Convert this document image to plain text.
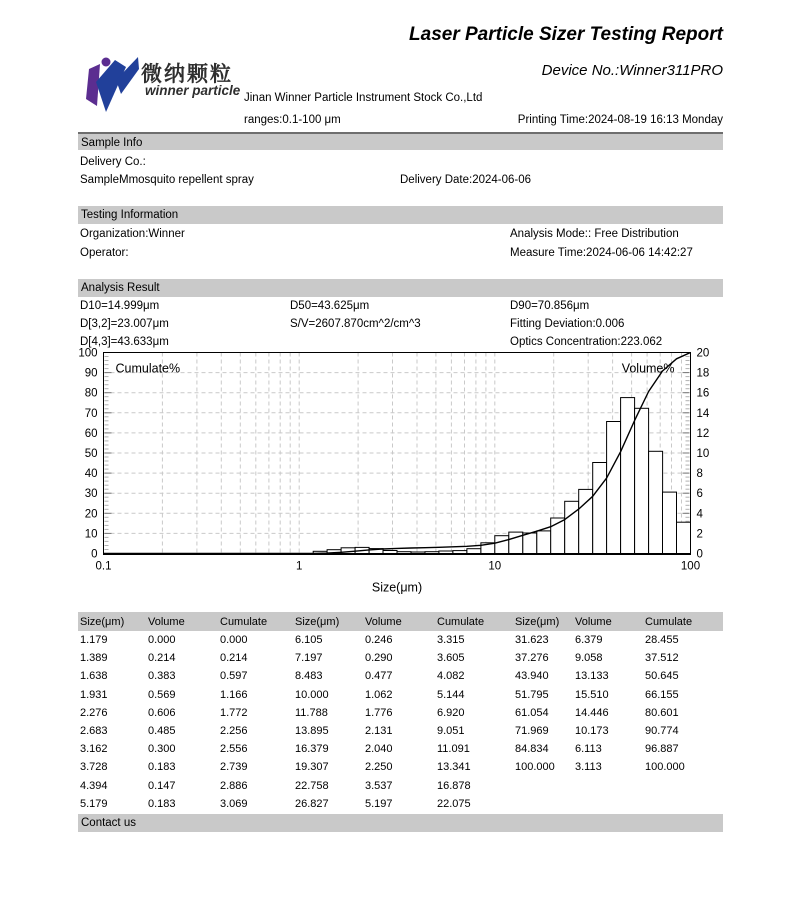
Laser Particle Sizer Testing Report
Device No.:Winner311PRO
微纳颗粒
winner particle Jinan Winner Particle Instrument Stock Co.,Ltd
ranges:0.1-100 μm	Printing Time:2024-08-19 16:13 Monday
Sample Info
Delivery Co.:
SampleMmosquito repellent spray	Delivery Date:2024-06-06
Testing Information
Organization:Winner	Analysis Mode:: Free Distribution
Operator:	Measure Time:2024-06-06 14:42:27
Analysis Result
D10=14.999μm	D50=43.625μm	D90=70.856μm
D[3,2]=23.007μm	S/V=2607.870cm^2/cm^3	Fitting Deviation:0.006
D[4,3]=43.633μm	Optics Concentration:223.062
Contact us
0
10
20
30
40
50
60
70
80
90
100
0
2
4
6
8
10
12
14
16
18
20
0.1	1	10	100
Cumulate%	Volume%
Size(μm)
Size(μm)	Volume	Cumulate	Size(μm)	Volume	Cumulate	Size(μm)	Volume	Cumulate
1.179	0.000	0.000	6.105	0.246	3.315	31.623	6.379	28.455
1.389	0.214	0.214	7.197	0.290	3.605	37.276	9.058	37.512
1.638	0.383	0.597	8.483	0.477	4.082	43.940	13.133	50.645
1.931	0.569	1.166	10.000	1.062	5.144	51.795	15.510	66.155
2.276	0.606	1.772	11.788	1.776	6.920	61.054	14.446	80.601
2.683	0.485	2.256	13.895	2.131	9.051	71.969	10.173	90.774
3.162	0.300	2.556	16.379	2.040	11.091	84.834	6.113	96.887
3.728	0.183	2.739	19.307	2.250	13.341	100.000	3.113	100.000
4.394	0.147	2.886	22.758	3.537	16.878
5.179	0.183	3.069	26.827	5.197	22.075
